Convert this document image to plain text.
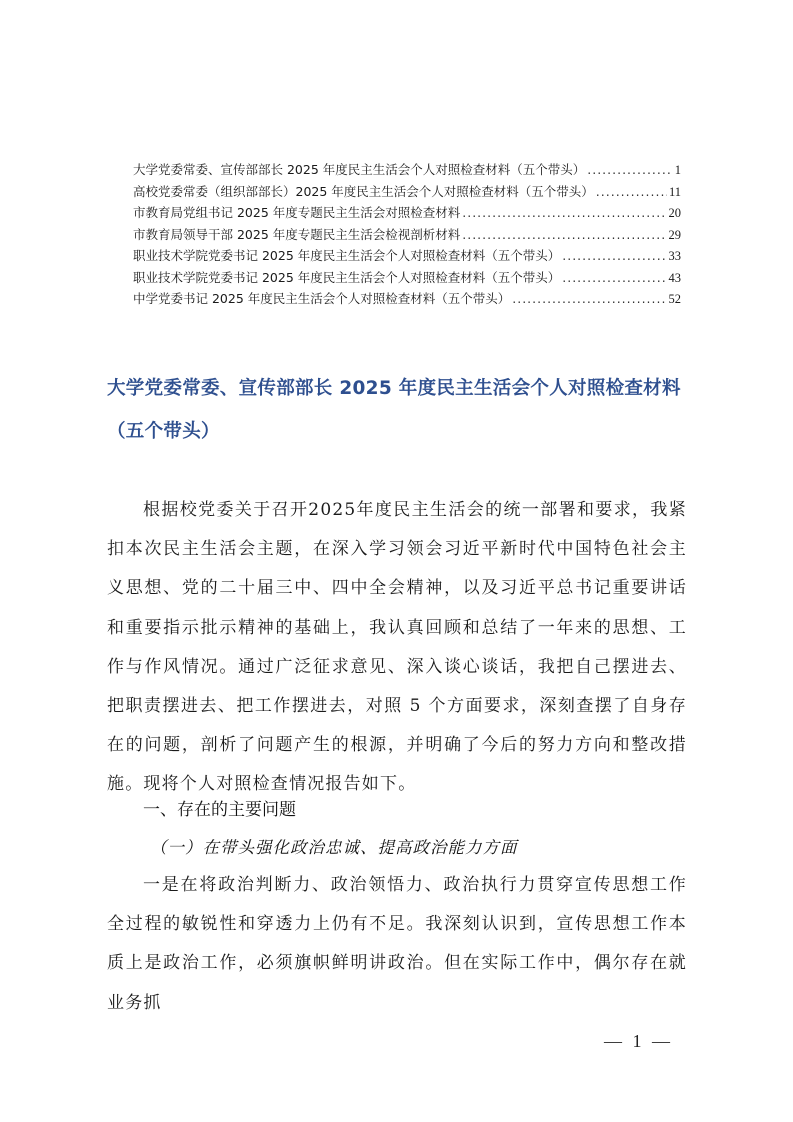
大学党委常委、宣传部部长 2025 年度民主生活会个人对照检查材料（五个带头） .....	1
高校党委常委（组织部部长）2025 年度民主生活会个人对照检查材料（五个带头） .....	11
市教育局党组书记 2025 年度专题民主生活会对照检查材料 .....	20
市教育局领导干部 2025 年度专题民主生活会检视剖析材料 .....	29
职业技术学院党委书记 2025 年度民主生活会个人对照检查材料（五个带头） .....	33
职业技术学院党委书记 2025 年度民主生活会个人对照检查材料（五个带头） .....	43
中学党委书记 2025 年度民主生活会个人对照检查材料（五个带头） .....	52
大学党委常委、宣传部部长 2025 年度民主生活会个人对照检查材料
（五个带头）

根据校党委关于召开2025年度民主生活会的统一部署和要求，我紧扣本次民主生活会主题，在深入学习领会习近平新时代中国特色社会主义思想、党的二十届三中、四中全会精神，以及习近平总书记重要讲话和重要指示批示精神的基础上，我认真回顾和总结了一年来的思想、工作与作风情况。通过广泛征求意见、深入谈心谈话，我把自己摆进去、把职责摆进去、把工作摆进去，对照 5 个方面要求，深刻查摆了自身存在的问题，剖析了问题产生的根源，并明确了今后的努力方向和整改措施。现将个人对照检查情况报告如下。

一、存在的主要问题
（一）在带头强化政治忠诚、提高政治能力方面

一是在将政治判断力、政治领悟力、政治执行力贯穿宣传思想工作全过程的敏锐性和穿透力上仍有不足。我深刻认识到，宣传思想工作本质上是政治工作，必须旗帜鲜明讲政治。但在实际工作中，偶尔存在就业务抓

— 1 —
